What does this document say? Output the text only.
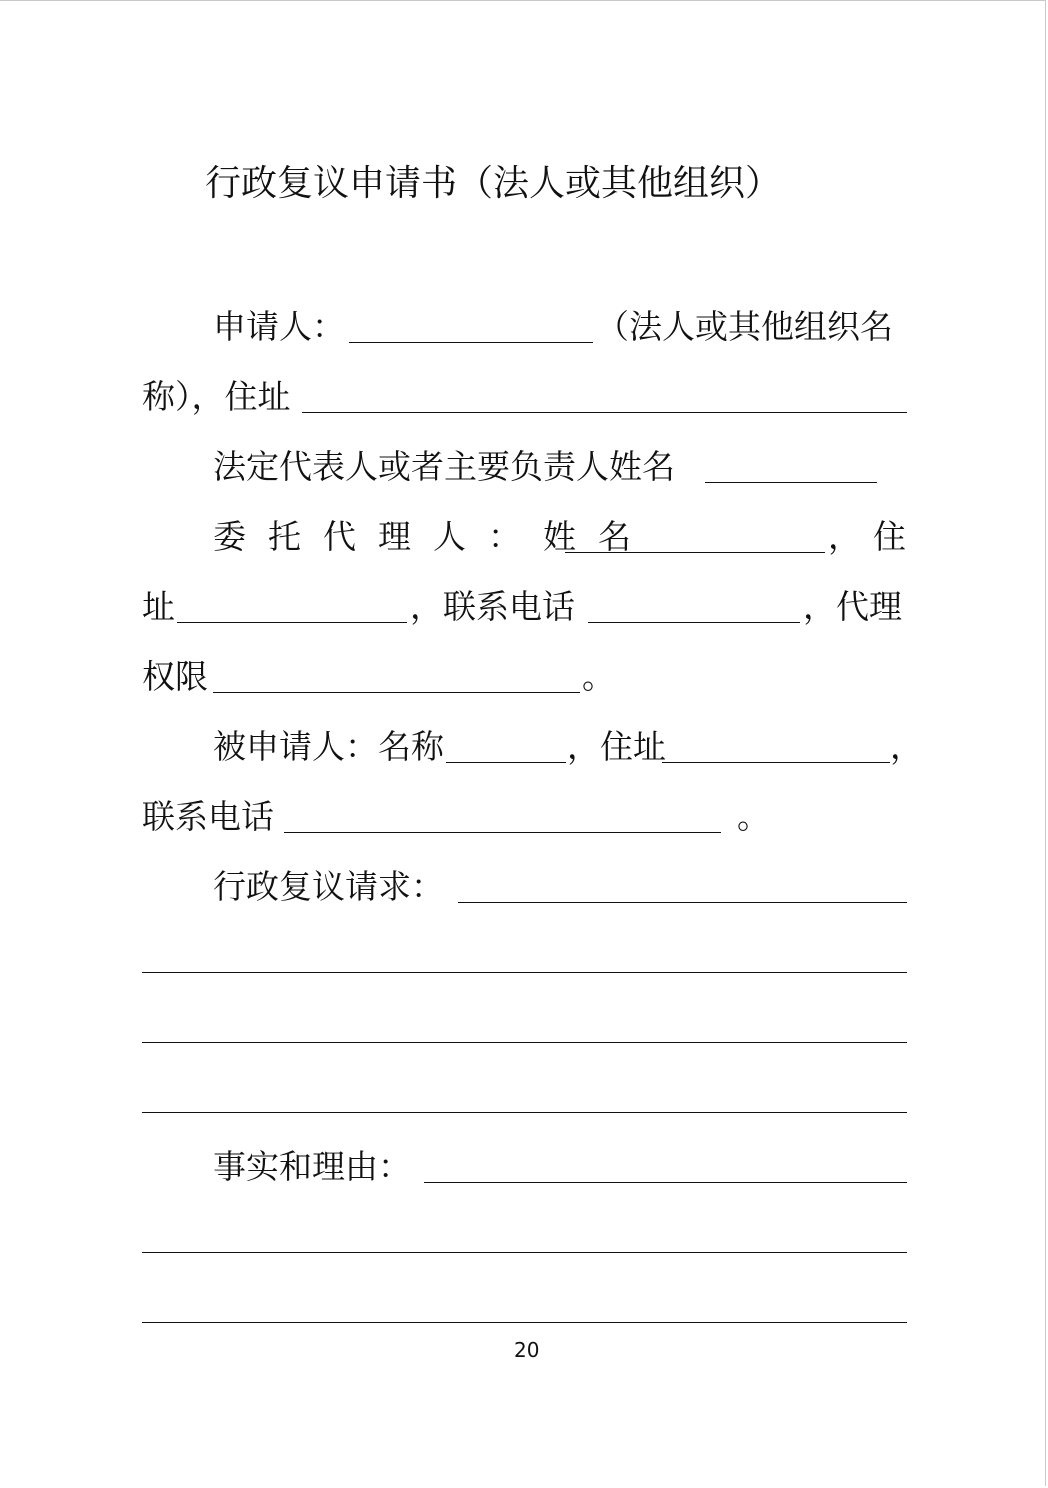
行政复议申请书（法人或其他组织）
申请人：	（法人或其他组织名
称），住址
法定代表人或者主要负责人姓名
委托代理人：姓名	， 住
址	，联系电话	，代理
权限	。
被申请人：名称	，住址	，
联系电话	。
行政复议请求：
事实和理由：
20
